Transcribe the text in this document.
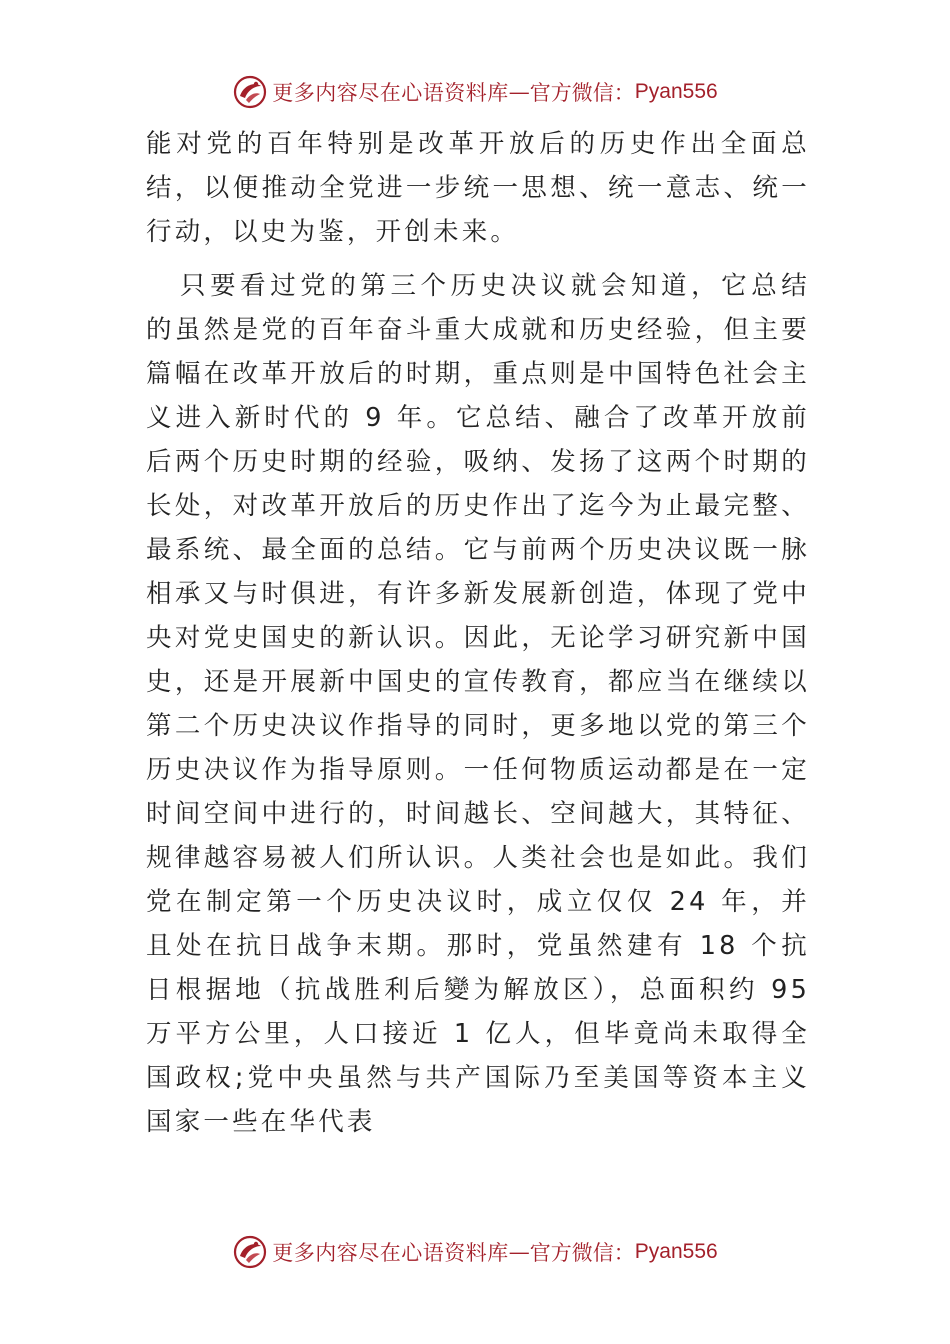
更多内容尽在心语资料库 — 官方微信： Pyan556

能对党的百年特别是改革开放后的历史作出全面总结，以便推动全党进一步统一思想、统一意志、统一行动，以史为鉴，开创未来。

只要看过党的第三个历史决议就会知道，它总结的虽然是党的百年奋斗重大成就和历史经验，但主要篇幅在改革开放后的时期，重点则是中国特色社会主义进入新时代的 9 年。它总结、融合了改革开放前后两个历史时期的经验，吸纳、发扬了这两个时期的长处，对改革开放后的历史作出了迄今为止最完整、最系统、最全面的总结。它与前两个历史决议既一脉相承又与时俱进，有许多新发展新创造，体现了党中央对党史国史的新认识。因此，无论学习研究新中国史，还是开展新中国史的宣传教育，都应当在继续以第二个历史决议作指导的同时，更多地以党的第三个历史决议作为指导原则。一任何物质运动都是在一定时间空间中进行的，时间越长、空间越大，其特征、规律越容易被人们所认识。人类社会也是如此。我们党在制定第一个历史决议时，成立仅仅 24 年，并且处在抗日战争末期。那时，党虽然建有 18 个抗日根据地（抗战胜利后變为解放区），总面积约 95 万平方公里，人口接近 1 亿人，但毕竟尚未取得全国政权;党中央虽然与共产国际乃至美国等资本主义国家一些在华代表

更多内容尽在心语资料库 — 官方微信： Pyan556
